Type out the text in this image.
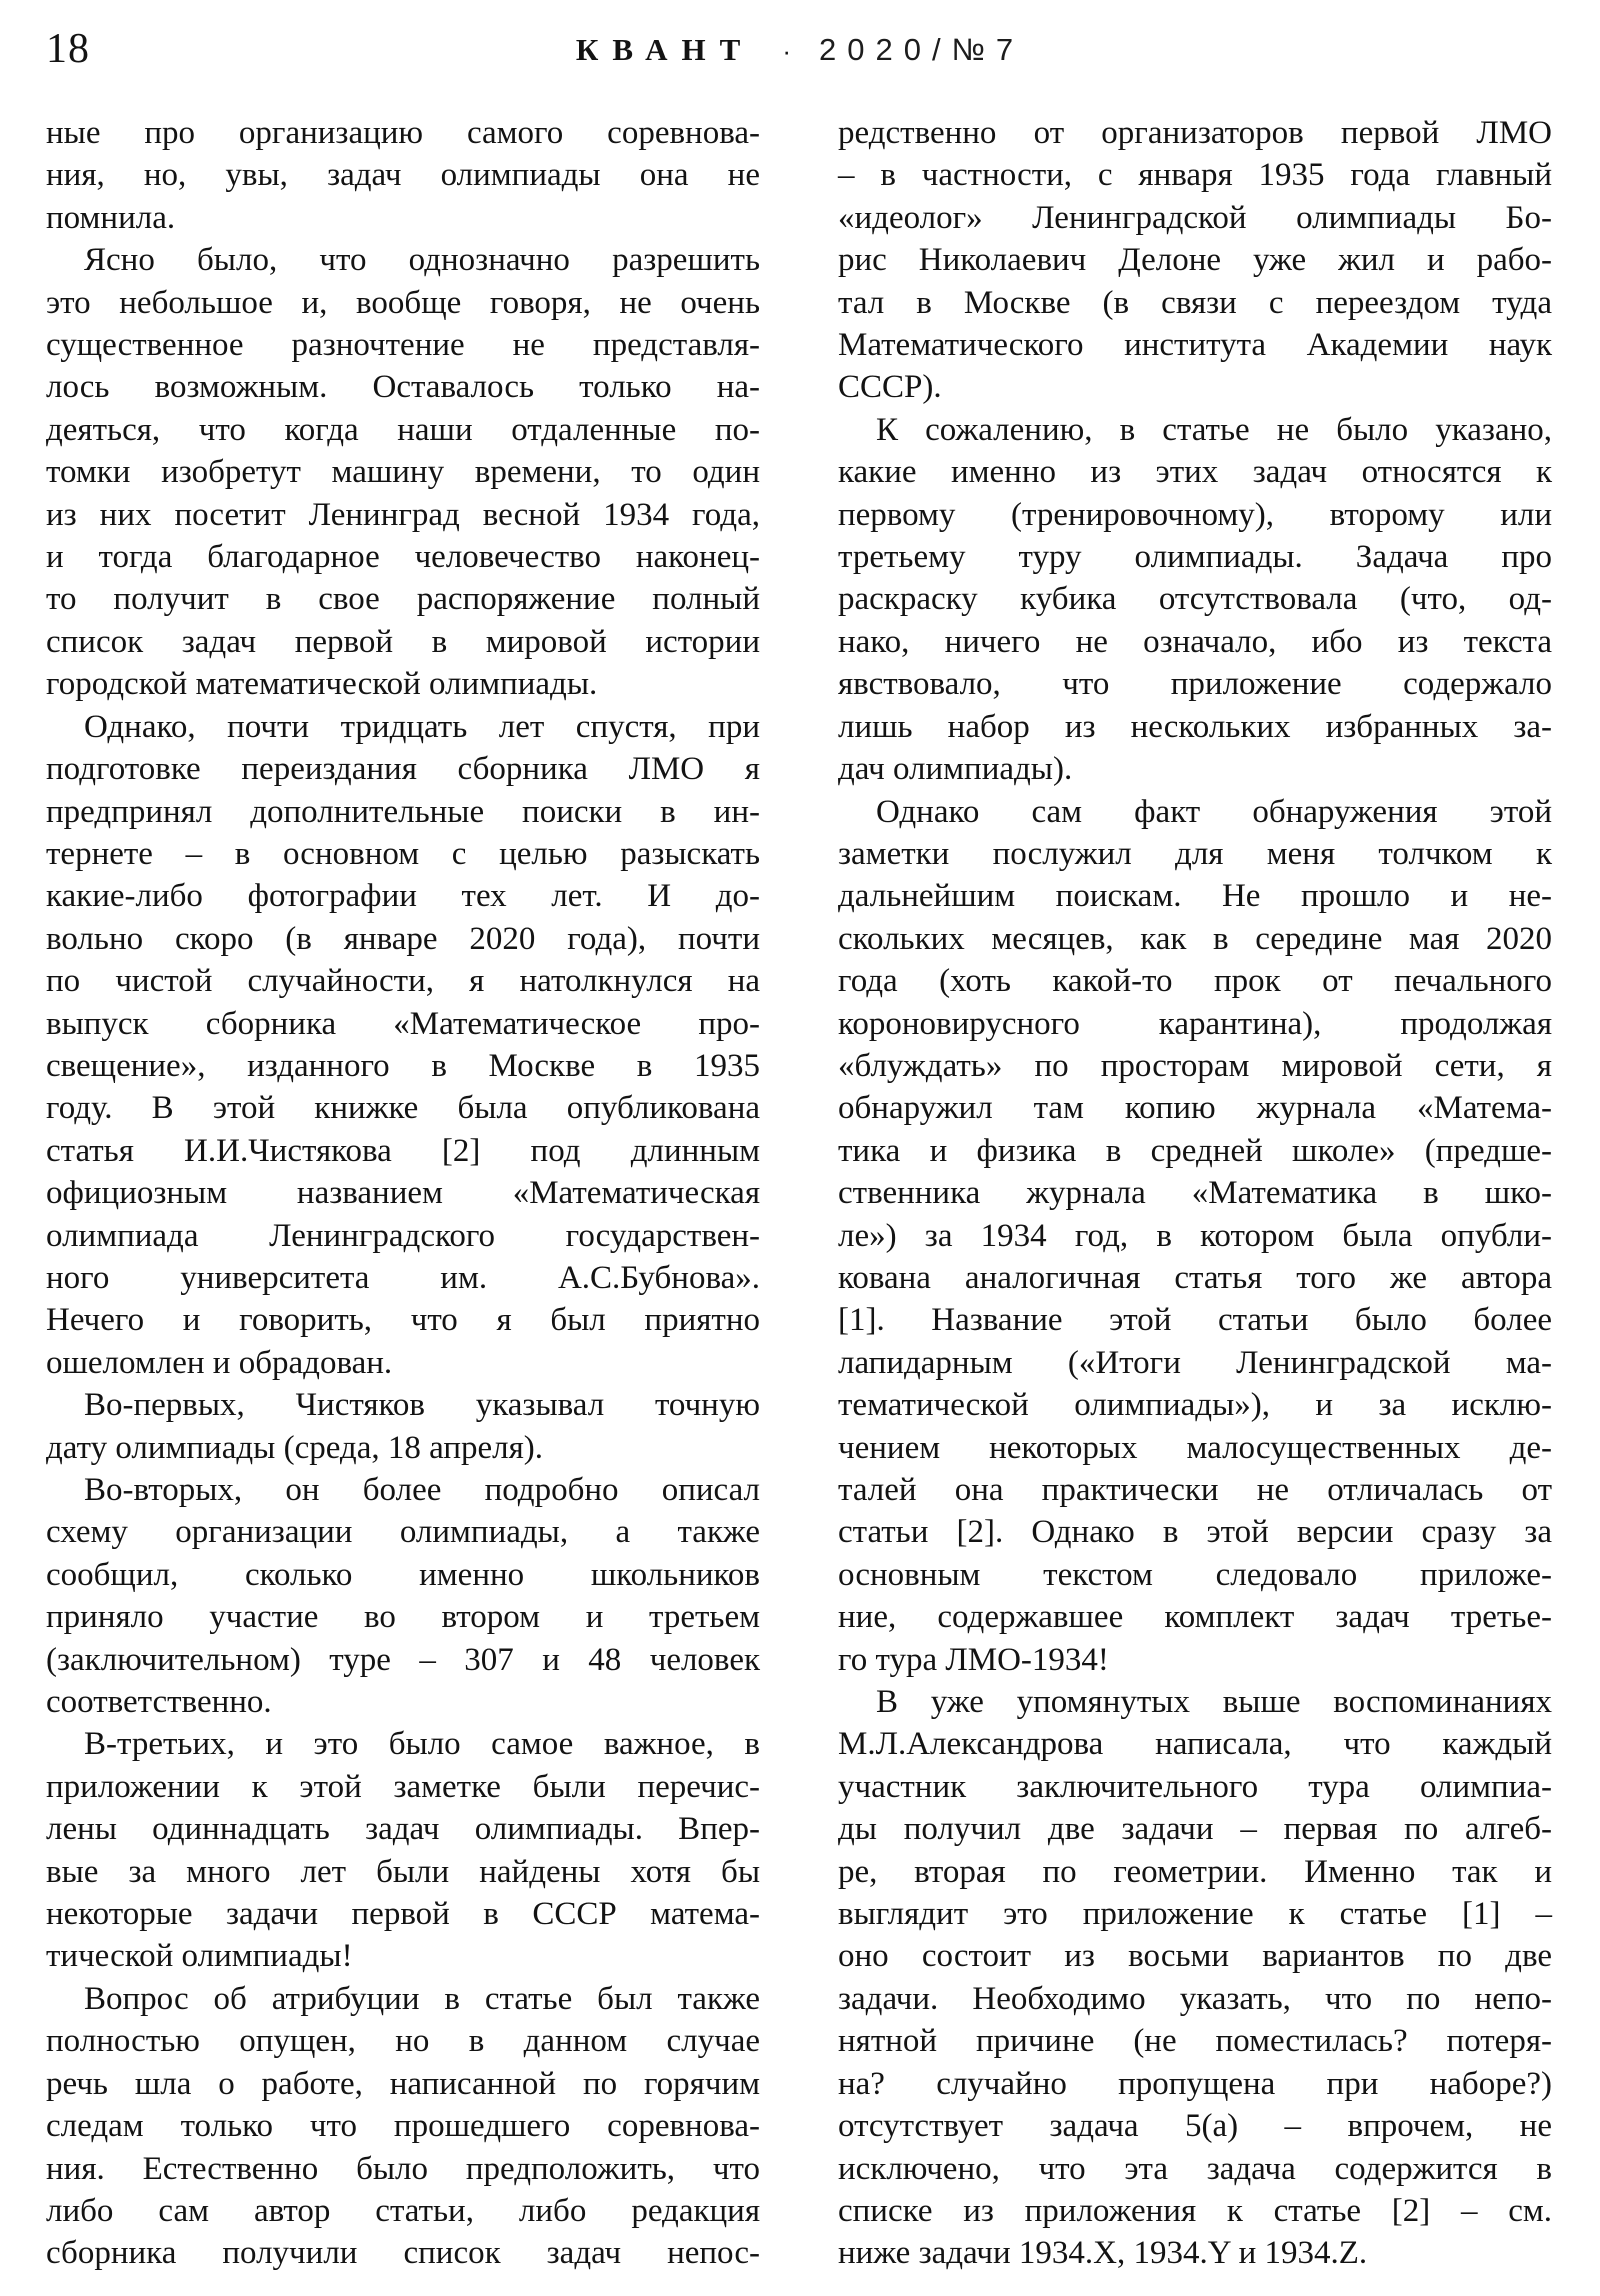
18	КВАНТ · 2020/№7
ные про организацию самого соревнова-
ния, но, увы, задач олимпиады она не
помнила.
Ясно было, что однозначно разрешить
это небольшое и, вообще говоря, не очень
существенное разночтение не представля-
лось возможным. Оставалось только на-
деяться, что когда наши отдаленные по-
томки изобретут машину времени, то один
из них посетит Ленинград весной 1934 года,
и тогда благодарное человечество наконец-
то получит в свое распоряжение полный
список задач первой в мировой истории
городской математической олимпиады.
Однако, почти тридцать лет спустя, при
подготовке переиздания сборника ЛМО я
предпринял дополнительные поиски в ин-
тернете – в основном с целью разыскать
какие-либо фотографии тех лет. И до-
вольно скоро (в январе 2020 года), почти
по чистой случайности, я натолкнулся на
выпуск сборника «Математическое про-
свещение», изданного в Москве в 1935
году. В этой книжке была опубликована
статья И.И.Чистякова [2] под длинным
официозным названием «Математическая
олимпиада Ленинградского государствен-
ного университета им. А.С.Бубнова».
Нечего и говорить, что я был приятно
ошеломлен и обрадован.
Во-первых, Чистяков указывал точную
дату олимпиады (среда, 18 апреля).
Во-вторых, он более подробно описал
схему организации олимпиады, а также
сообщил, сколько именно школьников
приняло участие во втором и третьем
(заключительном) туре – 307 и 48 человек
соответственно.
В-третьих, и это было самое важное, в
приложении к этой заметке были перечис-
лены одиннадцать задач олимпиады. Впер-
вые за много лет были найдены хотя бы
некоторые задачи первой в СССР матема-
тической олимпиады!
Вопрос об атрибуции в статье был также
полностью опущен, но в данном случае
речь шла о работе, написанной по горячим
следам только что прошедшего соревнова-
ния. Естественно было предположить, что
либо сам автор статьи, либо редакция
сборника получили список задач непос-
редственно от организаторов первой ЛМО
– в частности, с января 1935 года главный
«идеолог» Ленинградской олимпиады Бо-
рис Николаевич Делоне уже жил и рабо-
тал в Москве (в связи с переездом туда
Математического института Академии наук
СССР).
К сожалению, в статье не было указано,
какие именно из этих задач относятся к
первому (тренировочному), второму или
третьему туру олимпиады. Задача про
раскраску кубика отсутствовала (что, од-
нако, ничего не означало, ибо из текста
явствовало, что приложение содержало
лишь набор из нескольких избранных за-
дач олимпиады).
Однако сам факт обнаружения этой
заметки послужил для меня толчком к
дальнейшим поискам. Не прошло и не-
скольких месяцев, как в середине мая 2020
года (хоть какой-то прок от печального
короновирусного карантина), продолжая
«блуждать» по просторам мировой сети, я
обнаружил там копию журнала «Матема-
тика и физика в средней школе» (предше-
ственника журнала «Математика в шко-
ле») за 1934 год, в котором была опубли-
кована аналогичная статья того же автора
[1]. Название этой статьи было более
лапидарным («Итоги Ленинградской ма-
тематической олимпиады»), и за исклю-
чением некоторых малосущественных де-
талей она практически не отличалась от
статьи [2]. Однако в этой версии сразу за
основным текстом следовало приложе-
ние, содержавшее комплект задач третье-
го тура ЛМО-1934!
В уже упомянутых выше воспоминаниях
М.Л.Александрова написала, что каждый
участник заключительного тура олимпиа-
ды получил две задачи – первая по алгеб-
ре, вторая по геометрии. Именно так и
выглядит это приложение к статье [1] –
оно состоит из восьми вариантов по две
задачи. Необходимо указать, что по непо-
нятной причине (не поместилась? потеря-
на? случайно пропущена при наборе?)
отсутствует задача 5(а) – впрочем, не
исключено, что эта задача содержится в
списке из приложения к статье [2] – см.
ниже задачи 1934.X, 1934.Y и 1934.Z.
